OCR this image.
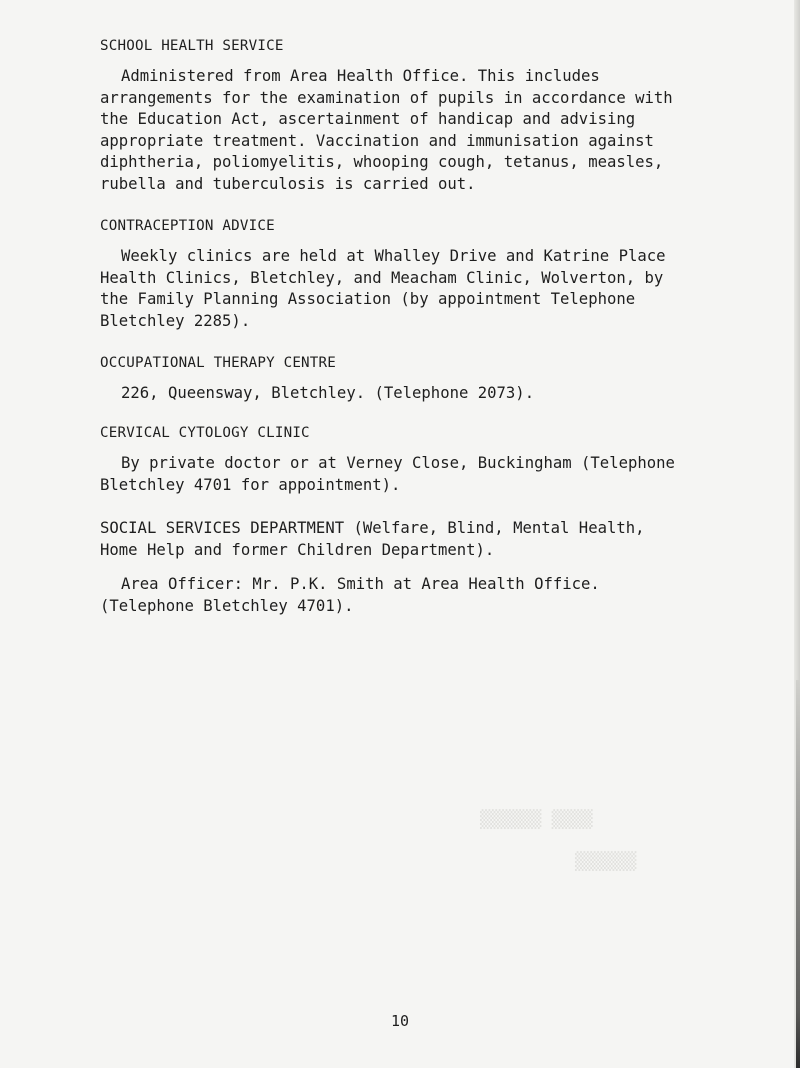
▒▒▒▒ ▒▒▒▒▒▒
▒▒▒▒▒▒
SCHOOL HEALTH SERVICE
Administered from Area Health Office. This includes
arrangements for the examination of pupils in accordance with
the Education Act, ascertainment of handicap and advising
appropriate treatment. Vaccination and immunisation against
diphtheria, poliomyelitis, whooping cough, tetanus, measles,
rubella and tuberculosis is carried out.
CONTRACEPTION ADVICE
Weekly clinics are held at Whalley Drive and Katrine Place
Health Clinics, Bletchley, and Meacham Clinic, Wolverton, by
the Family Planning Association (by appointment Telephone
Bletchley 2285).
OCCUPATIONAL THERAPY CENTRE
226, Queensway, Bletchley. (Telephone 2073).
CERVICAL CYTOLOGY CLINIC
By private doctor or at Verney Close, Buckingham (Telephone
Bletchley 4701 for appointment).
SOCIAL SERVICES DEPARTMENT (Welfare, Blind, Mental Health,
Home Help and former Children Department).
Area Officer: Mr. P.K. Smith at Area Health Office.
(Telephone Bletchley 4701).
10
